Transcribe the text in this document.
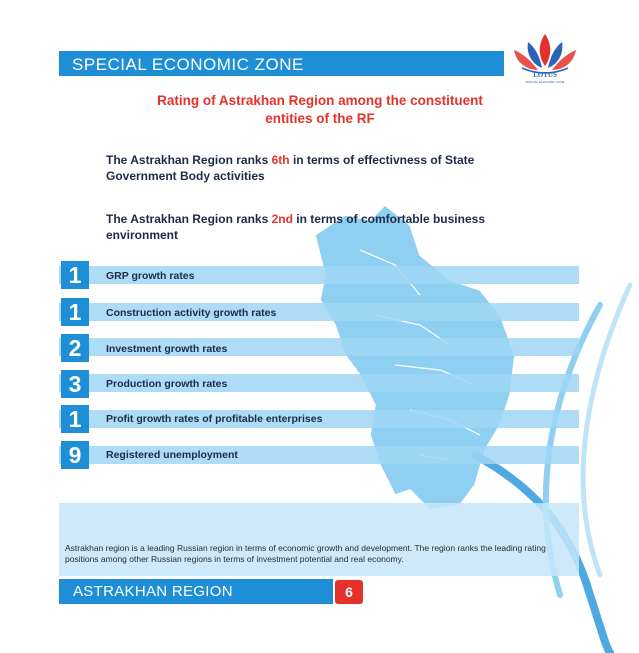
SPECIAL ECONOMIC ZONE
LOTUS
SPECIAL ECONOMIC ZONE
Rating of Astrakhan Region among the constituent entities of the RF
The Astrakhan Region ranks 6th in terms of effectivness of State Government Body activities
The Astrakhan Region ranks 2nd in terms of comfortable business environment
1	GRP growth rates
1	Construction activity growth rates
2	Investment growth rates
3	Production growth rates
1	Profit growth rates of profitable enterprises
9	Registered unemployment
Astrakhan region is a leading Russian region in terms of economic growth and development. The region ranks the leading rating positions among other Russian regions in terms of investment potential and real economy.
ASTRAKHAN REGION	6
